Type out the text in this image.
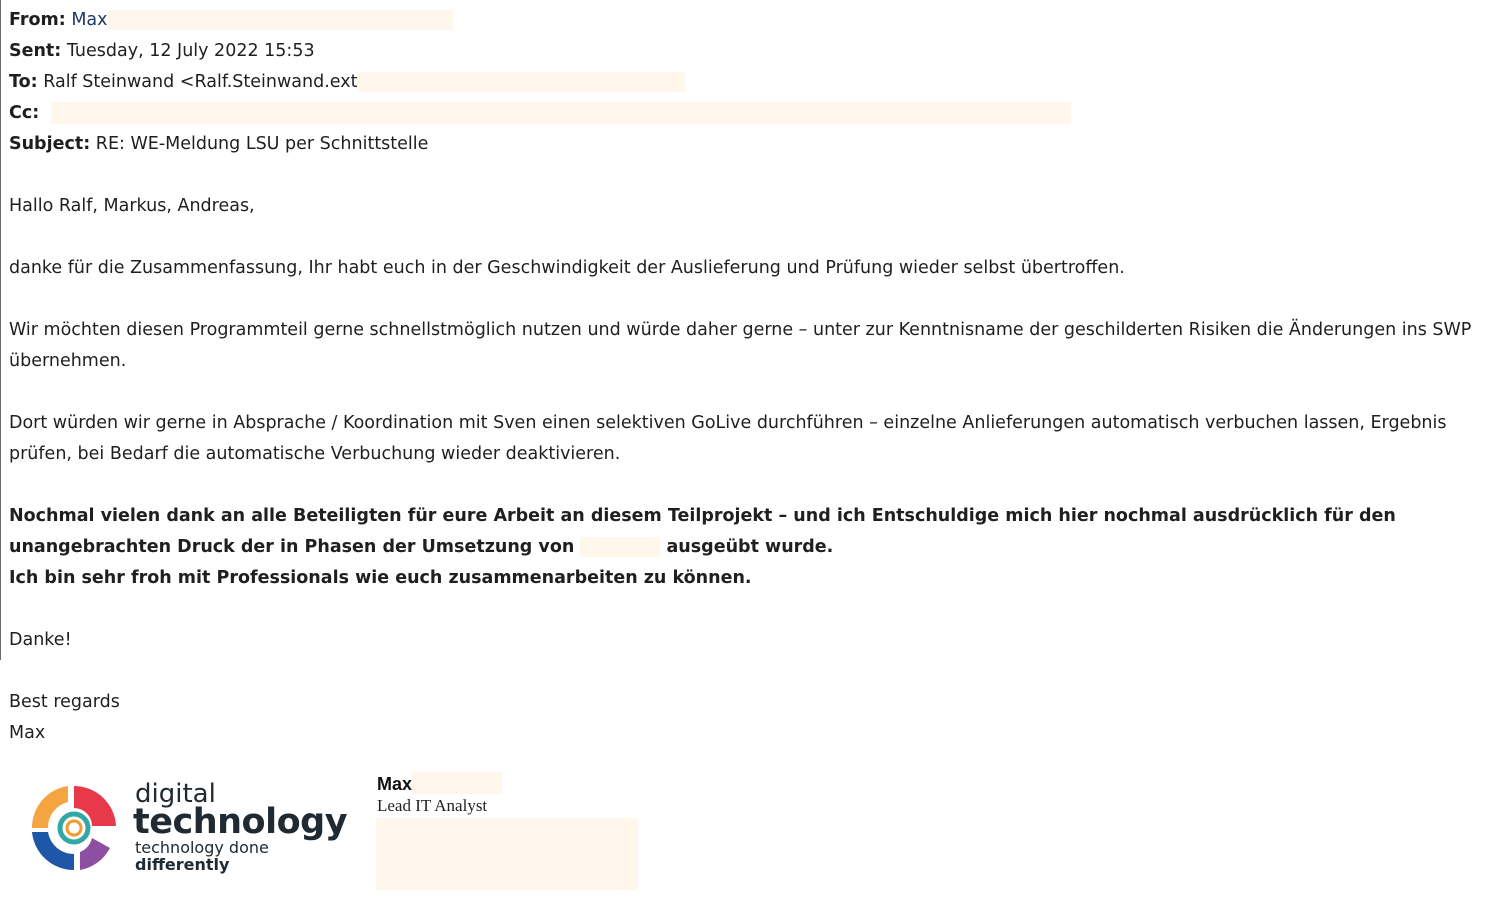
From: Max
Sent: Tuesday, 12 July 2022 15:53
To: Ralf Steinwand <Ralf.Steinwand.ext
Cc:
Subject: RE: WE-Meldung LSU per Schnittstelle

Hallo Ralf, Markus, Andreas,

danke für die Zusammenfassung, Ihr habt euch in der Geschwindigkeit der Auslieferung und Prüfung wieder selbst übertroffen.

Wir möchten diesen Programmteil gerne schnellstmöglich nutzen und würde daher gerne – unter zur Kenntnisname der geschilderten Risiken die Änderungen ins SWP übernehmen.

Dort würden wir gerne in Absprache / Koordination mit Sven einen selektiven GoLive durchführen – einzelne Anlieferungen automatisch verbuchen lassen, Ergebnis prüfen, bei Bedarf die automatische Verbuchung wieder deaktivieren.

Nochmal vielen dank an alle Beteiligten für eure Arbeit an diesem Teilprojekt – und ich Entschuldige mich hier nochmal ausdrücklich für den unangebrachten Druck der in Phasen der Umsetzung von	ausgeübt wurde.

Ich bin sehr froh mit Professionals wie euch zusammenarbeiten zu können.

Danke!

Best regards

Max

digital
technology
technology done
differently
Max
Lead IT Analyst
